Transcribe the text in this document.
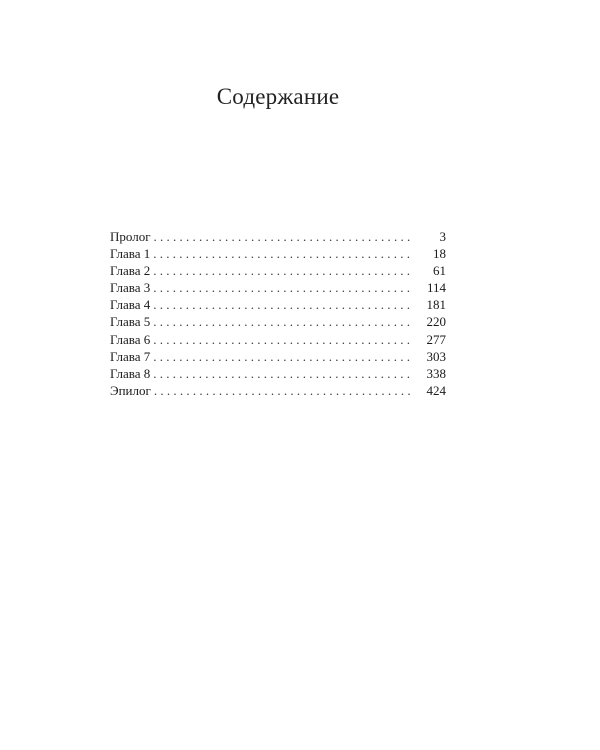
Содержание
Пролог . . .	3
Глава 1 . . .	18
Глава 2 . . .	61
Глава 3 . . .	114
Глава 4 . . .	181
Глава 5 . . .	220
Глава 6 . . .	277
Глава 7 . . .	303
Глава 8 . . .	338
Эпилог . . .	424
